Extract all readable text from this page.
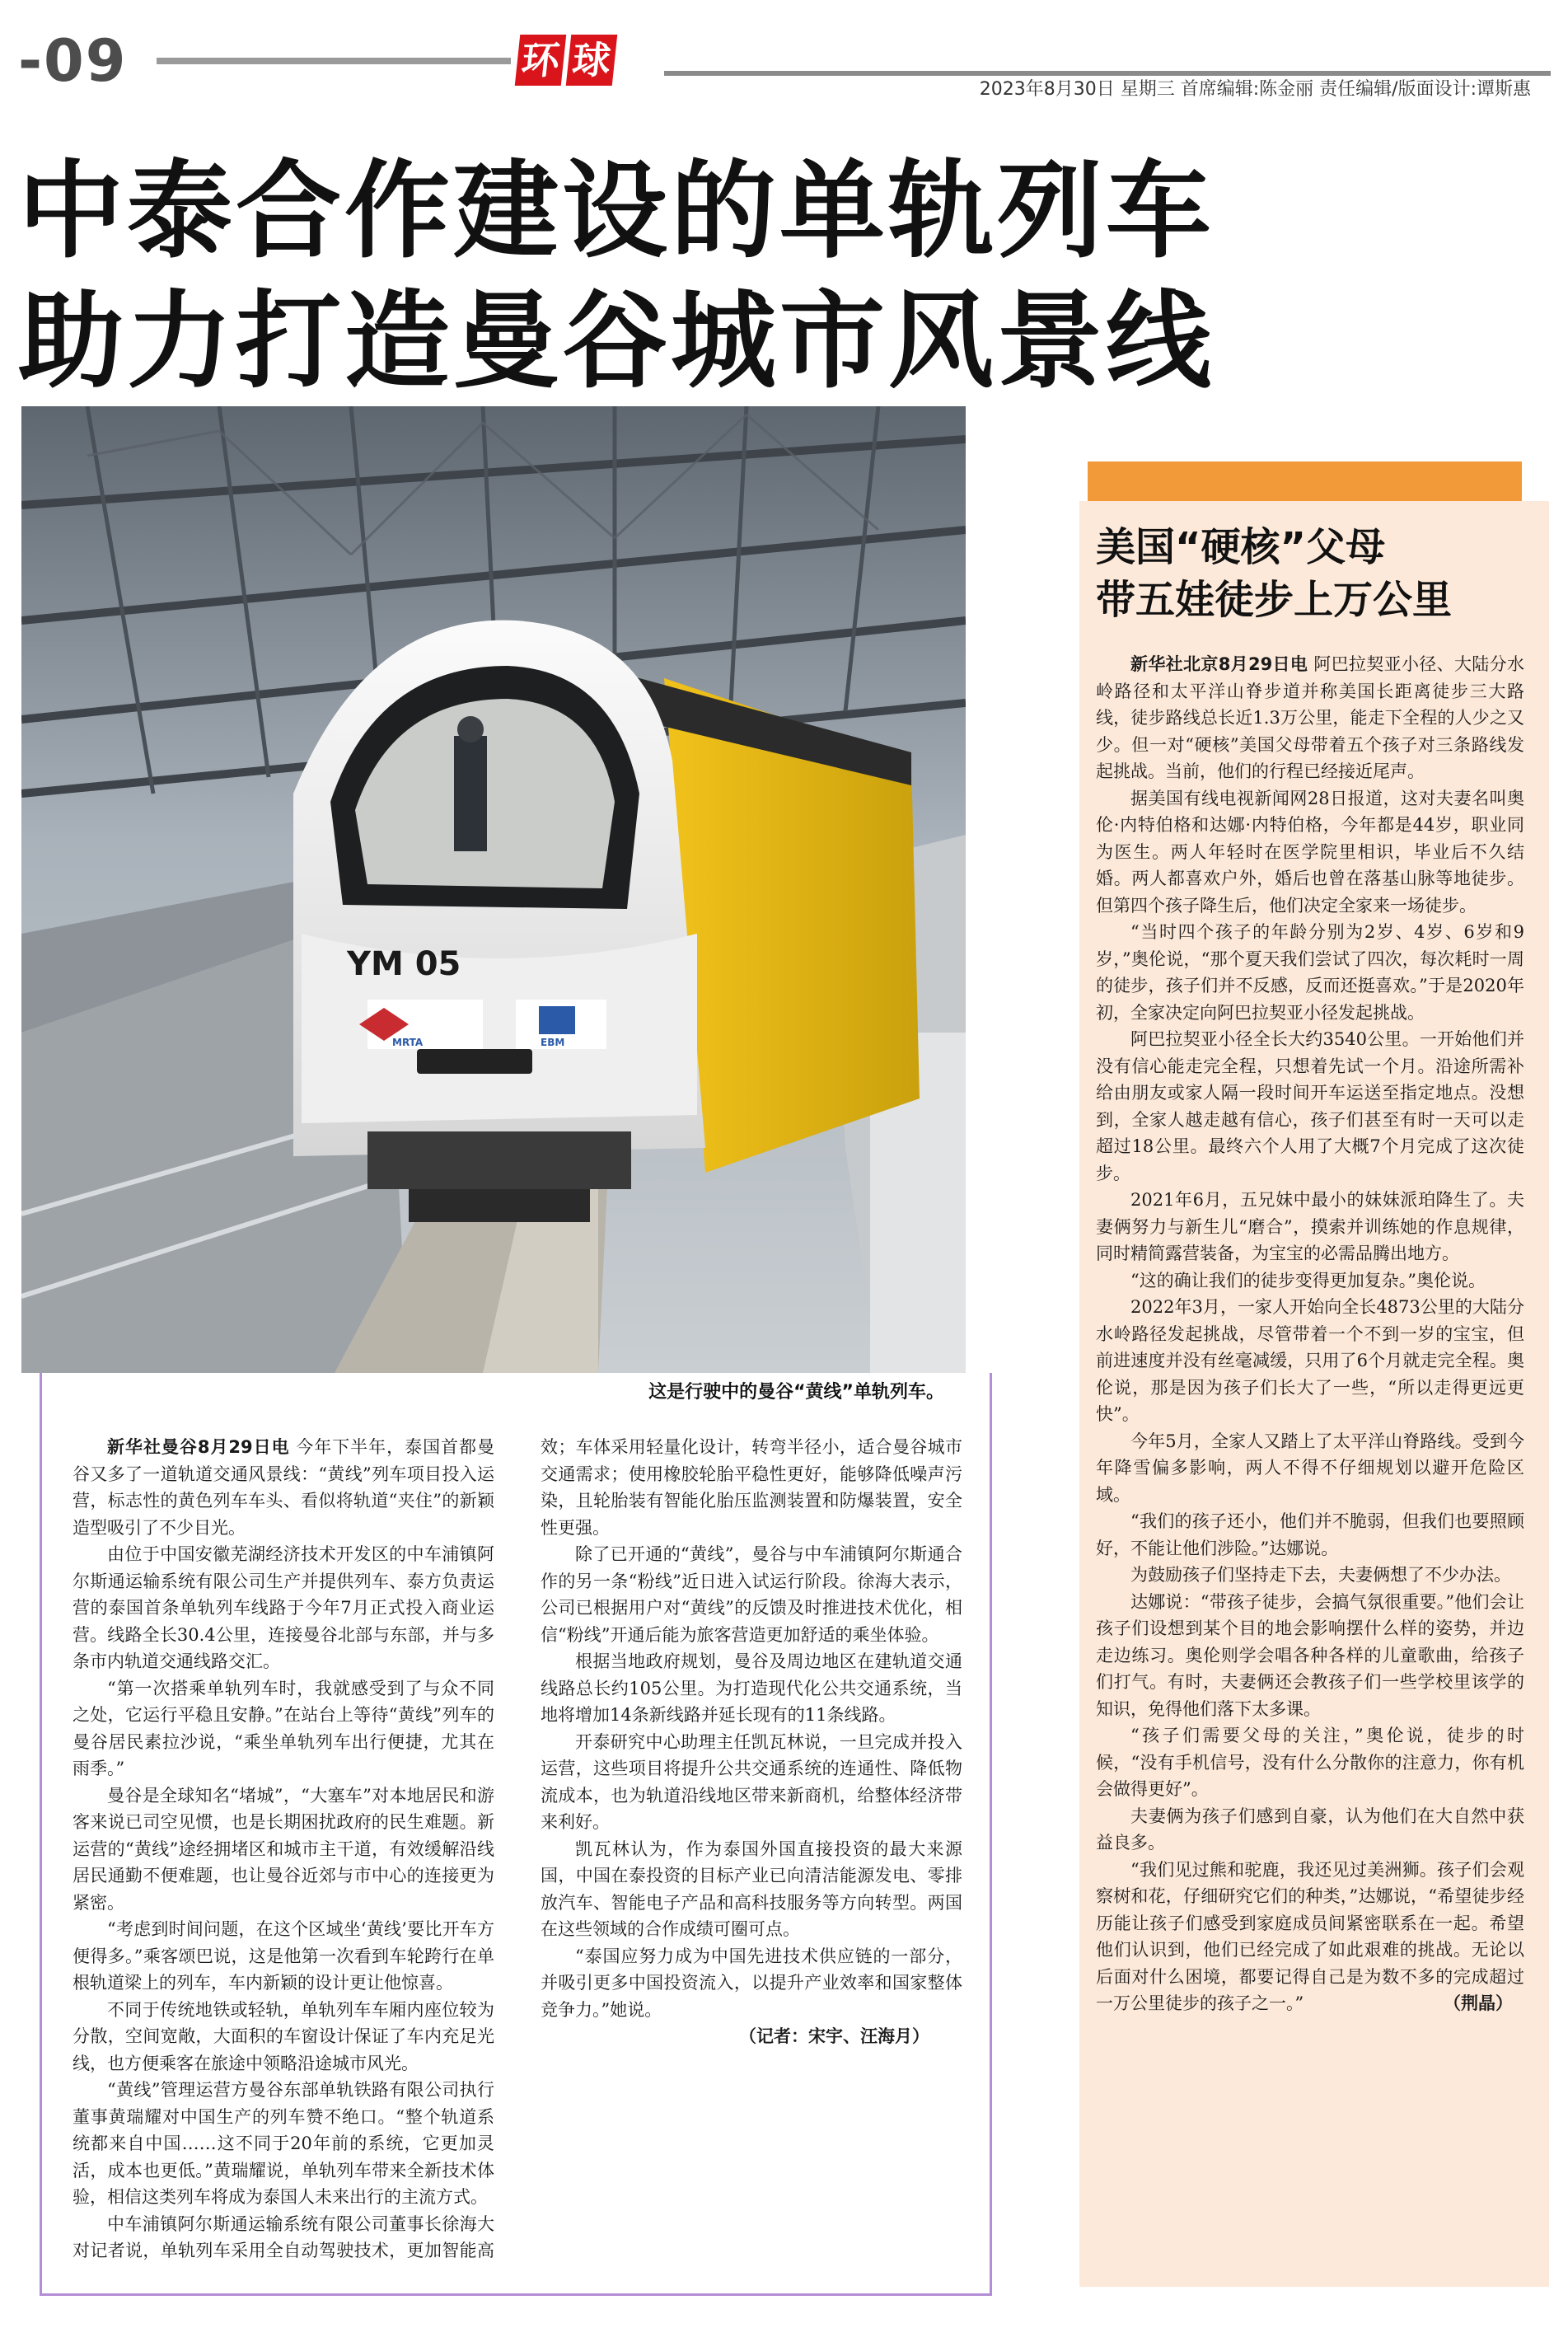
-09	环 球
2023年8月30日 星期三 首席编辑:陈金丽 责任编辑/版面设计:谭斯惠
中泰合作建设的单轨列车
助力打造曼谷城市风景线
MRTA	EBM
YM 05
这是行驶中的曼谷“黄线”单轨列车。

新华社曼谷8月29日电 今年下半年，泰国首都曼谷又多了一道轨道交通风景线：“黄线”列车项目投入运营，标志性的黄色列车车头、看似将轨道“夹住”的新颖造型吸引了不少目光。

由位于中国安徽芜湖经济技术开发区的中车浦镇阿尔斯通运输系统有限公司生产并提供列车、泰方负责运营的泰国首条单轨列车线路于今年7月正式投入商业运营。线路全长30.4公里，连接曼谷北部与东部，并与多条市内轨道交通线路交汇。

“第一次搭乘单轨列车时，我就感受到了与众不同之处，它运行平稳且安静。”在站台上等待“黄线”列车的曼谷居民素拉沙说，“乘坐单轨列车出行便捷，尤其在雨季。”

曼谷是全球知名“堵城”，“大塞车”对本地居民和游客来说已司空见惯，也是长期困扰政府的民生难题。新运营的“黄线”途经拥堵区和城市主干道，有效缓解沿线居民通勤不便难题，也让曼谷近郊与市中心的连接更为紧密。

“考虑到时间问题，在这个区域坐‘黄线’要比开车方便得多。”乘客颂巴说，这是他第一次看到车轮跨行在单根轨道梁上的列车，车内新颖的设计更让他惊喜。

不同于传统地铁或轻轨，单轨列车车厢内座位较为分散，空间宽敞，大面积的车窗设计保证了车内充足光线，也方便乘客在旅途中领略沿途城市风光。

“黄线”管理运营方曼谷东部单轨铁路有限公司执行董事黄瑞耀对中国生产的列车赞不绝口。“整个轨道系统都来自中国……这不同于20年前的系统，它更加灵活，成本也更低。”黄瑞耀说，单轨列车带来全新技术体验，相信这类列车将成为泰国人未来出行的主流方式。

中车浦镇阿尔斯通运输系统有限公司董事长徐海大对记者说，单轨列车采用全自动驾驶技术，更加智能高效；车体采用轻量化设计，转弯半径小，适合曼谷城市交通需求；使用橡胶轮胎平稳性更好，能够降低噪声污染，且轮胎装有智能化胎压监测装置和防爆装置，安全性更强。

除了已开通的“黄线”，曼谷与中车浦镇阿尔斯通合作的另一条“粉线”近日进入试运行阶段。徐海大表示，公司已根据用户对“黄线”的反馈及时推进技术优化，相信“粉线”开通后能为旅客营造更加舒适的乘坐体验。

根据当地政府规划，曼谷及周边地区在建轨道交通线路总长约105公里。为打造现代化公共交通系统，当地将增加14条新线路并延长现有的11条线路。

开泰研究中心助理主任凯瓦林说，一旦完成并投入运营，这些项目将提升公共交通系统的连通性、降低物流成本，也为轨道沿线地区带来新商机，给整体经济带来利好。

凯瓦林认为，作为泰国外国直接投资的最大来源国，中国在泰投资的目标产业已向清洁能源发电、零排放汽车、智能电子产品和高科技服务等方向转型。两国在这些领域的合作成绩可圈可点。

“泰国应努力成为中国先进技术供应链的一部分，并吸引更多中国投资流入，以提升产业效率和国家整体竞争力。”她说。

（记者：宋宇、汪海月）

美国“硬核”父母
带五娃徒步上万公里

新华社北京8月29日电 阿巴拉契亚小径、大陆分水岭路径和太平洋山脊步道并称美国长距离徒步三大路线，徒步路线总长近1.3万公里，能走下全程的人少之又少。但一对“硬核”美国父母带着五个孩子对三条路线发起挑战。当前，他们的行程已经接近尾声。

据美国有线电视新闻网28日报道，这对夫妻名叫奥伦·内特伯格和达娜·内特伯格，今年都是44岁，职业同为医生。两人年轻时在医学院里相识，毕业后不久结婚。两人都喜欢户外，婚后也曾在落基山脉等地徒步。但第四个孩子降生后，他们决定全家来一场徒步。

“当时四个孩子的年龄分别为2岁、4岁、6岁和9岁，”奥伦说，“那个夏天我们尝试了四次，每次耗时一周的徒步，孩子们并不反感，反而还挺喜欢。”于是2020年初，全家决定向阿巴拉契亚小径发起挑战。

阿巴拉契亚小径全长大约3540公里。一开始他们并没有信心能走完全程，只想着先试一个月。沿途所需补给由朋友或家人隔一段时间开车运送至指定地点。没想到，全家人越走越有信心，孩子们甚至有时一天可以走超过18公里。最终六个人用了大概7个月完成了这次徒步。

2021年6月，五兄妹中最小的妹妹派珀降生了。夫妻俩努力与新生儿“磨合”，摸索并训练她的作息规律，同时精简露营装备，为宝宝的必需品腾出地方。

“这的确让我们的徒步变得更加复杂。”奥伦说。

2022年3月，一家人开始向全长4873公里的大陆分水岭路径发起挑战，尽管带着一个不到一岁的宝宝，但前进速度并没有丝毫减缓，只用了6个月就走完全程。奥伦说，那是因为孩子们长大了一些，“所以走得更远更快”。

今年5月，全家人又踏上了太平洋山脊路线。受到今年降雪偏多影响，两人不得不仔细规划以避开危险区域。

“我们的孩子还小，他们并不脆弱，但我们也要照顾好，不能让他们涉险。”达娜说。

为鼓励孩子们坚持走下去，夫妻俩想了不少办法。

达娜说：“带孩子徒步，会搞气氛很重要。”他们会让孩子们设想到某个目的地会影响摆什么样的姿势，并边走边练习。奥伦则学会唱各种各样的儿童歌曲，给孩子们打气。有时，夫妻俩还会教孩子们一些学校里该学的知识，免得他们落下太多课。

“孩子们需要父母的关注，”奥伦说，徒步的时候，“没有手机信号，没有什么分散你的注意力，你有机会做得更好”。

夫妻俩为孩子们感到自豪，认为他们在大自然中获益良多。

“我们见过熊和驼鹿，我还见过美洲狮。孩子们会观察树和花，仔细研究它们的种类，”达娜说，“希望徒步经历能让孩子们感受到家庭成员间紧密联系在一起。希望他们认识到，他们已经完成了如此艰难的挑战。无论以后面对什么困境，都要记得自己是为数不多的完成超过一万公里徒步的孩子之一。”	（荆晶）
